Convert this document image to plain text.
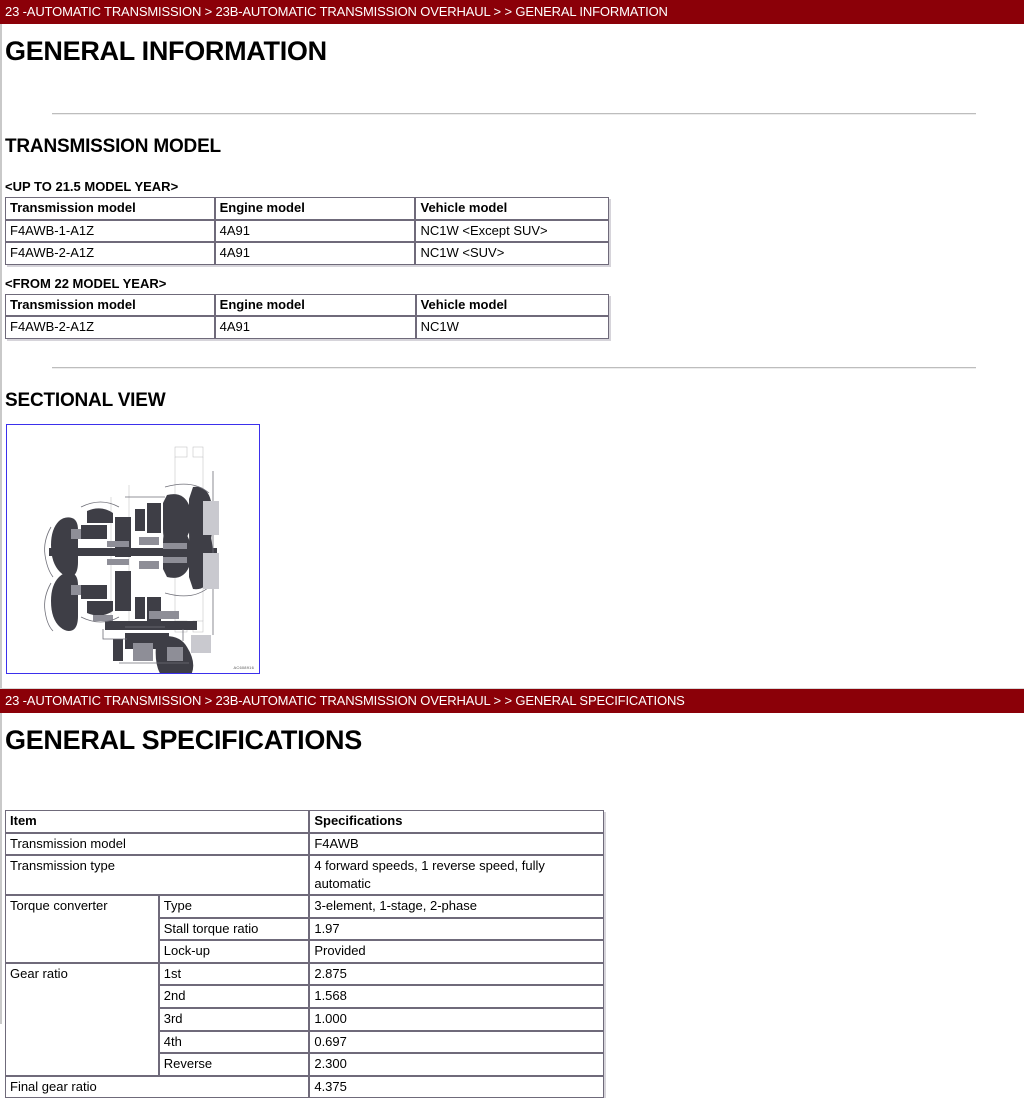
23 -AUTOMATIC TRANSMISSION > 23B-AUTOMATIC TRANSMISSION OVERHAUL > > GENERAL INFORMATION
GENERAL INFORMATION
TRANSMISSION MODEL
<UP TO 21.5 MODEL YEAR>
Transmission model	Engine model	Vehicle model
F4AWB-1-A1Z	4A91	NC1W <Except SUV>
F4AWB-2-A1Z	4A91	NC1W <SUV>
<FROM 22 MODEL YEAR>
Transmission model	Engine model	Vehicle model
F4AWB-2-A1Z	4A91	NC1W
SECTIONAL VIEW
AC608916
23 -AUTOMATIC TRANSMISSION > 23B-AUTOMATIC TRANSMISSION OVERHAUL > > GENERAL SPECIFICATIONS
GENERAL SPECIFICATIONS
Item		Specifications
Transmission model		F4AWB
Transmission type		4 forward speeds, 1 reverse speed, fully automatic
Torque converter	Type	3-element, 1-stage, 2-phase
	Stall torque ratio	1.97
	Lock-up	Provided
Gear ratio	1st	2.875
	2nd	1.568
	3rd	1.000
	4th	0.697
	Reverse	2.300
Final gear ratio		4.375
